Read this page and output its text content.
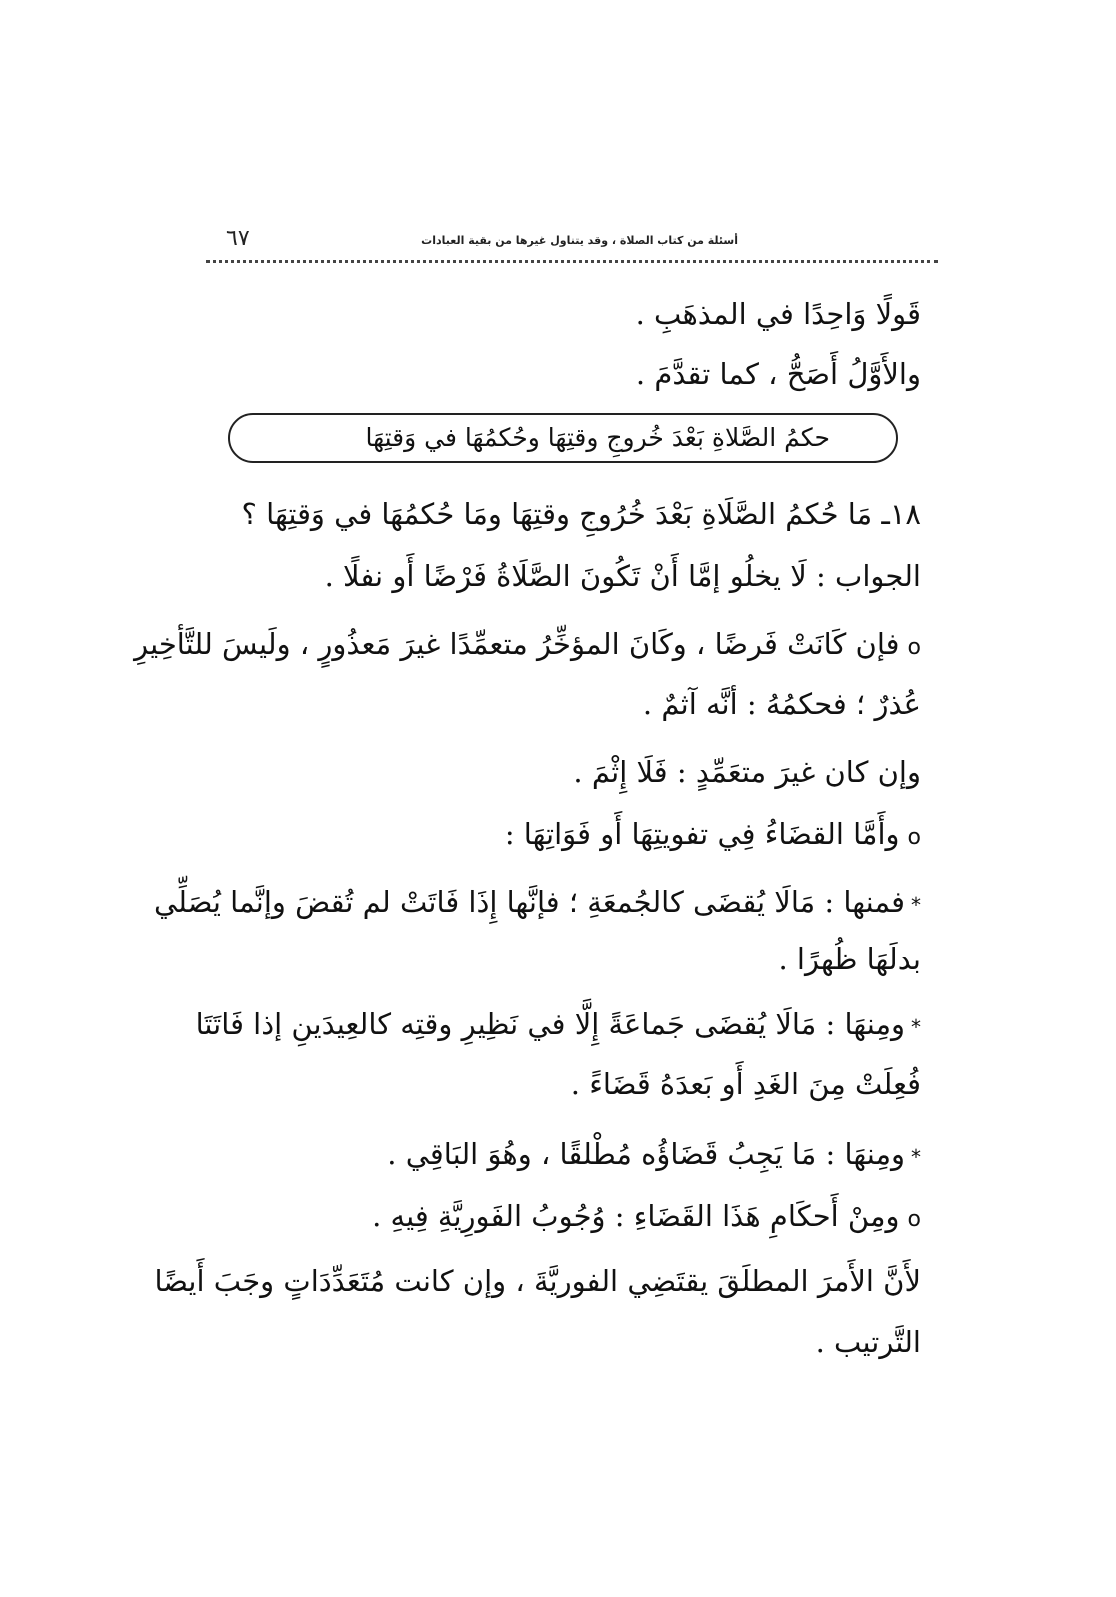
أسئلة من كتاب الصلاة ، وقد يتناول غيرها من بقية العبادات
٦٧
قَولًا وَاحِدًا في المذهَبِ .
والأَوَّلُ أَصَحُّ ، كما تقدَّمَ .
حكمُ الصَّلاةِ بَعْدَ خُروجِ وقتِهَا وحُكمُهَا في وَقتِهَا
١٨ـ مَا حُكمُ الصَّلَاةِ بَعْدَ خُرُوجِ وقتِهَا ومَا حُكمُهَا في وَقتِهَا ؟
الجواب : لَا يخلُو إمَّا أَنْ تَكُونَ الصَّلَاةُ فَرْضًا أَو نفلًا .
oفإن كَانَتْ فَرضًا ، وكَانَ المؤخِّرُ متعمِّدًا غيرَ مَعذُورٍ ، ولَيسَ للتَّأخِيرِ
عُذرٌ ؛ فحكمُهُ : أنَّه آثمٌ .
وإن كان غيرَ متعَمِّدٍ : فَلَا إِثْمَ .
oوأَمَّا القضَاءُ فِي تفويتِهَا أَو فَوَاتِهَا :
*فمنها : مَالَا يُقضَى كالجُمعَةِ ؛ فإنَّها إِذَا فَاتَتْ لم تُقضَ وإنَّما يُصَلِّي
بدلَهَا ظُهرًا .
*ومِنهَا : مَالَا يُقضَى جَماعَةً إِلَّا في نَظِيرِ وقتِه كالعِيدَينِ إذا فَاتَتَا
فُعِلَتْ مِنَ الغَدِ أَو بَعدَهُ قَضَاءً .
*ومِنهَا : مَا يَجِبُ قَضَاؤُه مُطْلقًا ، وهُوَ البَاقِي .
oومِنْ أَحكَامِ هَذَا القَضَاءِ : وُجُوبُ الفَورِيَّةِ فِيهِ .
لأَنَّ الأَمرَ المطلَقَ يقتَضِي الفوريَّةَ ، وإن كانت مُتَعَدِّدَاتٍ وجَبَ أَيضًا
التَّرتيب .
